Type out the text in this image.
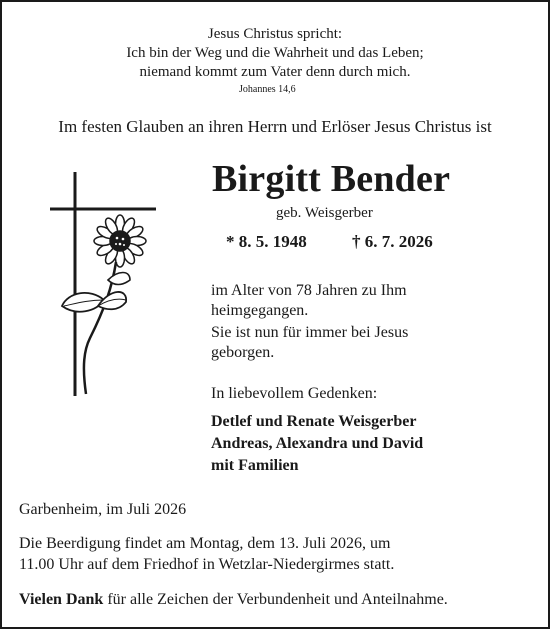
Jesus Christus spricht:
Ich bin der Weg und die Wahrheit und das Leben;
niemand kommt zum Vater denn durch mich.
Johannes 14,6
Im festen Glauben an ihren Herrn und Erlöser Jesus Christus ist
Birgitt Bender
geb. Weisgerber
* 8. 5. 1948	† 6. 7. 2026
im Alter von 78 Jahren zu Ihm
heimgegangen.
Sie ist nun für immer bei Jesus
geborgen.
In liebevollem Gedenken:
Detlef und Renate Weisgerber
Andreas, Alexandra und David
mit Familien
Garbenheim, im Juli 2026
Die Beerdigung findet am Montag, dem 13. Juli 2026, um
11.00 Uhr auf dem Friedhof in Wetzlar-Niedergirmes statt.
Vielen Dank für alle Zeichen der Verbundenheit und Anteilnahme.
